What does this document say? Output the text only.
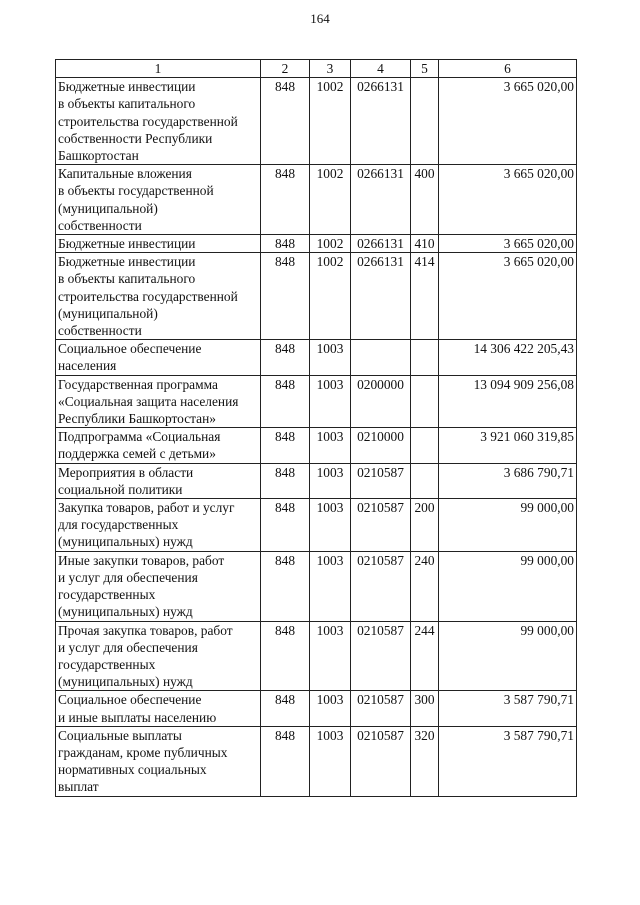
164
1	2	3	4	5	6

Бюджетные инвестиции
в объекты капитального
строительства государственной
собственности Республики
Башкортостан	848	1002	0266131		3 665 020,00

Капитальные вложения
в объекты государственной
(муниципальной)
собственности	848	1002	0266131	400	3 665 020,00

Бюджетные инвестиции	848	1002	0266131	410	3 665 020,00

Бюджетные инвестиции
в объекты капитального
строительства государственной
(муниципальной)
собственности	848	1002	0266131	414	3 665 020,00

Социальное обеспечение
населения	848	1003			14 306 422 205,43

Государственная программа
«Социальная защита населения
Республики Башкортостан»	848	1003	0200000		13 094 909 256,08

Подпрограмма «Социальная
поддержка семей с детьми»	848	1003	0210000		3 921 060 319,85

Мероприятия в области
социальной политики	848	1003	0210587		3 686 790,71

Закупка товаров, работ и услуг
для государственных
(муниципальных) нужд	848	1003	0210587	200	99 000,00

Иные закупки товаров, работ
и услуг для обеспечения
государственных
(муниципальных) нужд	848	1003	0210587	240	99 000,00

Прочая закупка товаров, работ
и услуг для обеспечения
государственных
(муниципальных) нужд	848	1003	0210587	244	99 000,00

Социальное обеспечение
и иные выплаты населению	848	1003	0210587	300	3 587 790,71

Социальные выплаты
гражданам, кроме публичных
нормативных социальных
выплат	848	1003	0210587	320	3 587 790,71
